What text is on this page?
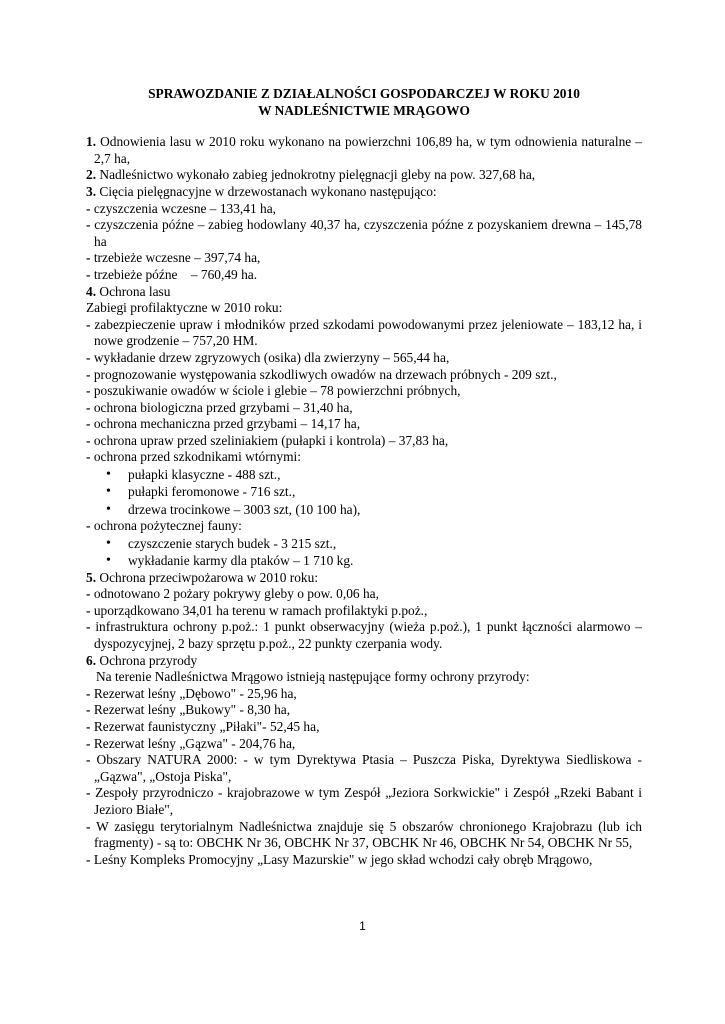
SPRAWOZDANIE Z DZIAŁALNOŚCI GOSPODARCZEJ W ROKU 2010
W NADLEŚNICTWIE MRĄGOWO

1. Odnowienia lasu w 2010 roku wykonano na powierzchni 106,89 ha, w tym odnowienia naturalne – 2,7 ha,

2. Nadleśnictwo wykonało zabieg jednokrotny pielęgnacji gleby na pow. 327,68 ha,

3. Cięcia pielęgnacyjne w drzewostanach wykonano następująco:

- czyszczenia wczesne – 133,41 ha,

- czyszczenia późne – zabieg hodowlany 40,37 ha, czyszczenia późne z pozyskaniem drewna – 145,78 ha

- trzebieże wczesne – 397,74 ha,

- trzebieże późne    – 760,49 ha.

4. Ochrona lasu

Zabiegi profilaktyczne w 2010 roku:

- zabezpieczenie upraw i młodników przed szkodami powodowanymi przez jeleniowate – 183,12 ha, i nowe grodzenie – 757,20 HM.

- wykładanie drzew zgryzowych (osika) dla zwierzyny – 565,44 ha,

- prognozowanie występowania szkodliwych owadów na drzewach próbnych - 209 szt.,

- poszukiwanie owadów w ściole i glebie – 78 powierzchni próbnych,

- ochrona biologiczna przed grzybami – 31,40 ha,

- ochrona mechaniczna przed grzybami – 14,17 ha,

- ochrona upraw przed szeliniakiem (pułapki i kontrola) – 37,83 ha,

- ochrona przed szkodnikami wtórnymi:

• pułapki klasyczne - 488 szt.,
• pułapki feromonowe - 716 szt.,
• drzewa trocinkowe – 3003 szt, (10 100 ha),

- ochrona pożytecznej fauny:

• czyszczenie starych budek - 3 215 szt.,
• wykładanie karmy dla ptaków – 1 710 kg.

5. Ochrona przeciwpożarowa w 2010 roku:

- odnotowano 2 pożary pokrywy gleby o pow. 0,06 ha,

- uporządkowano 34,01 ha terenu w ramach profilaktyki p.poż.,

- infrastruktura ochrony p.poż.: 1 punkt obserwacyjny (wieża p.poż.), 1 punkt łączności alarmowo – dyspozycyjnej, 2 bazy sprzętu p.poż., 22 punkty czerpania wody.

6. Ochrona przyrody

Na terenie Nadleśnictwa Mrągowo istnieją następujące formy ochrony przyrody:

- Rezerwat leśny „Dębowo" - 25,96 ha,

- Rezerwat leśny „Bukowy" - 8,30 ha,

- Rezerwat faunistyczny „Piłaki"- 52,45 ha,

- Rezerwat leśny „Gązwa" - 204,76 ha,

- Obszary NATURA 2000: - w tym Dyrektywa Ptasia – Puszcza Piska, Dyrektywa Siedliskowa - „Gązwa", „Ostoja Piska",

- Zespoły przyrodniczo - krajobrazowe w tym Zespół „Jeziora Sorkwickie" i Zespół „Rzeki Babant i Jezioro Białe",

- W zasięgu terytorialnym Nadleśnictwa znajduje się 5 obszarów chronionego Krajobrazu (lub ich fragmenty) - są to: OBCHK Nr 36, OBCHK Nr 37, OBCHK Nr 46, OBCHK Nr 54, OBCHK Nr 55,

- Leśny Kompleks Promocyjny „Lasy Mazurskie" w jego skład wchodzi cały obręb Mrągowo,

1
